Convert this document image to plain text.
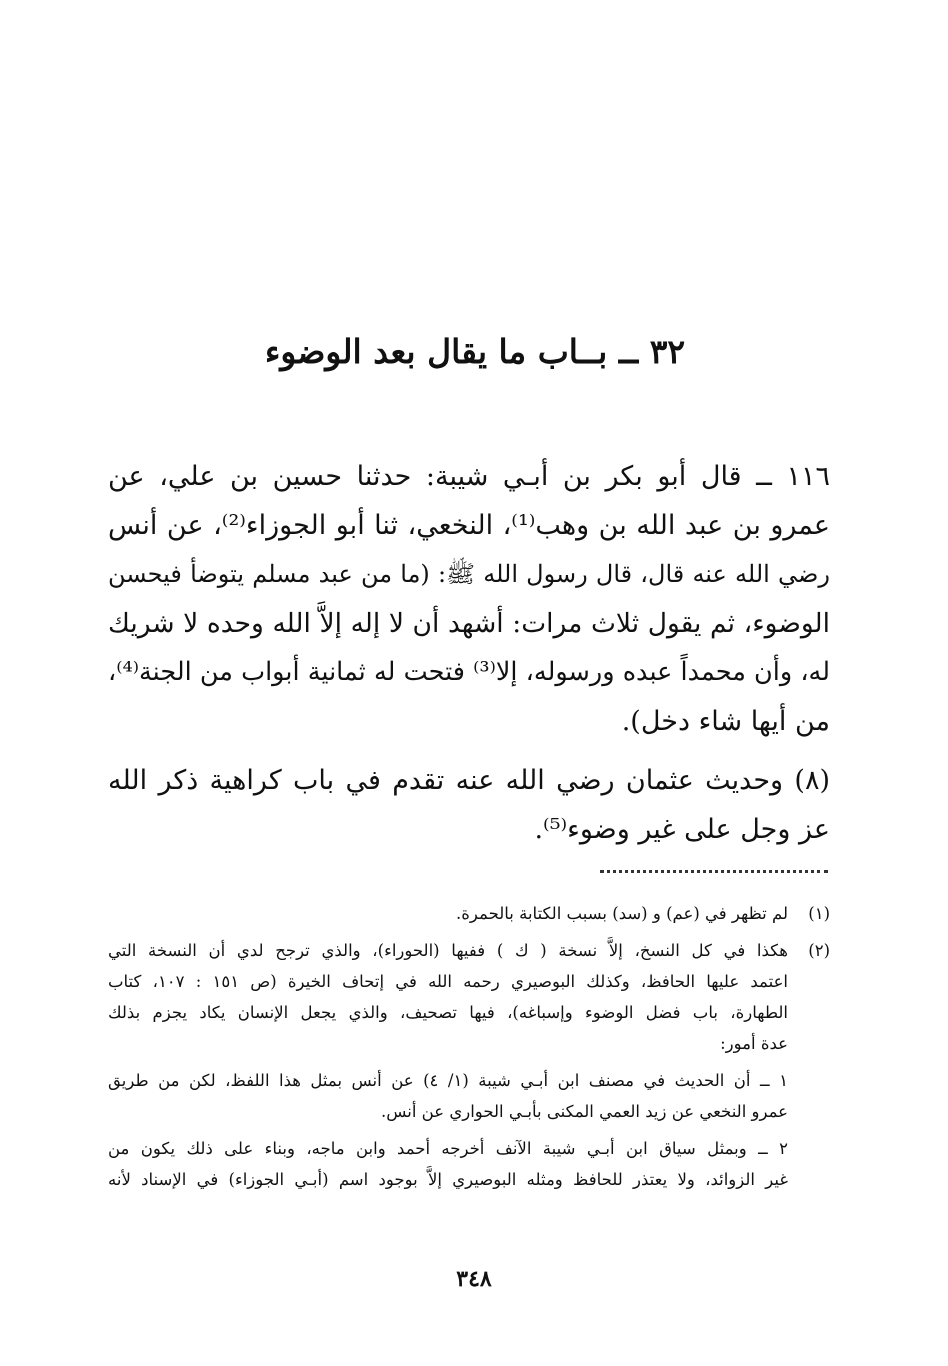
٣٢ ــ بــاب ما يقال بعد الوضوء

١١٦ ــ قال أبو بكر بن أبـي شيبة: حدثنا حسين بن علي، عن
عمرو بن عبد الله بن وهب⁽¹⁾، النخعي، ثنا أبو الجوزاء⁽²⁾، عن أنس
رضي الله عنه قال، قال رسول الله ﷺ: (ما من عبد مسلم يتوضأ فيحسن
الوضوء، ثم يقول ثلاث مرات: أشهد أن لا إله إلاَّ الله وحده لا شريك
له، وأن محمداً عبده ورسوله، إلا⁽³⁾ فتحت له ثمانية أبواب من الجنة⁽⁴⁾،
من أيها شاء دخل).

(٨) وحديث عثمان رضي الله عنه تقدم في باب كراهية ذكر الله
عز وجل على غير وضوء⁽⁵⁾.

(١)
لم تظهر في (عم) و (سد) بسبب الكتابة بالحمرة.
(٢)
هكذا في كل النسخ، إلاَّ نسخة ( ك ) ففيها (الحوراء)، والذي ترجح لدي أن النسخة التي
اعتمد عليها الحافظ، وكذلك البوصيري رحمه الله في إتحاف الخيرة (ص ١٥١ : ١٠٧، كتاب
الطهارة، باب فضل الوضوء وإسباغه)، فيها تصحيف، والذي يجعل الإنسان يكاد يجزم بذلك
عدة أمور:
١ ــ أن الحديث في مصنف ابن أبـي شيبة (١/ ٤) عن أنس بمثل هذا اللفظ، لكن من طريق
عمرو النخعي عن زيد العمي المكنى بأبـي الحواري عن أنس.
٢ ــ وبمثل سياق ابن أبـي شيبة الآنف أخرجه أحمد وابن ماجه، وبناء على ذلك يكون من
غير الزوائد، ولا يعتذر للحافظ ومثله البوصيري إلاَّ بوجود اسم (أبـي الجوزاء) في الإسناد لأنه
٣٤٨
